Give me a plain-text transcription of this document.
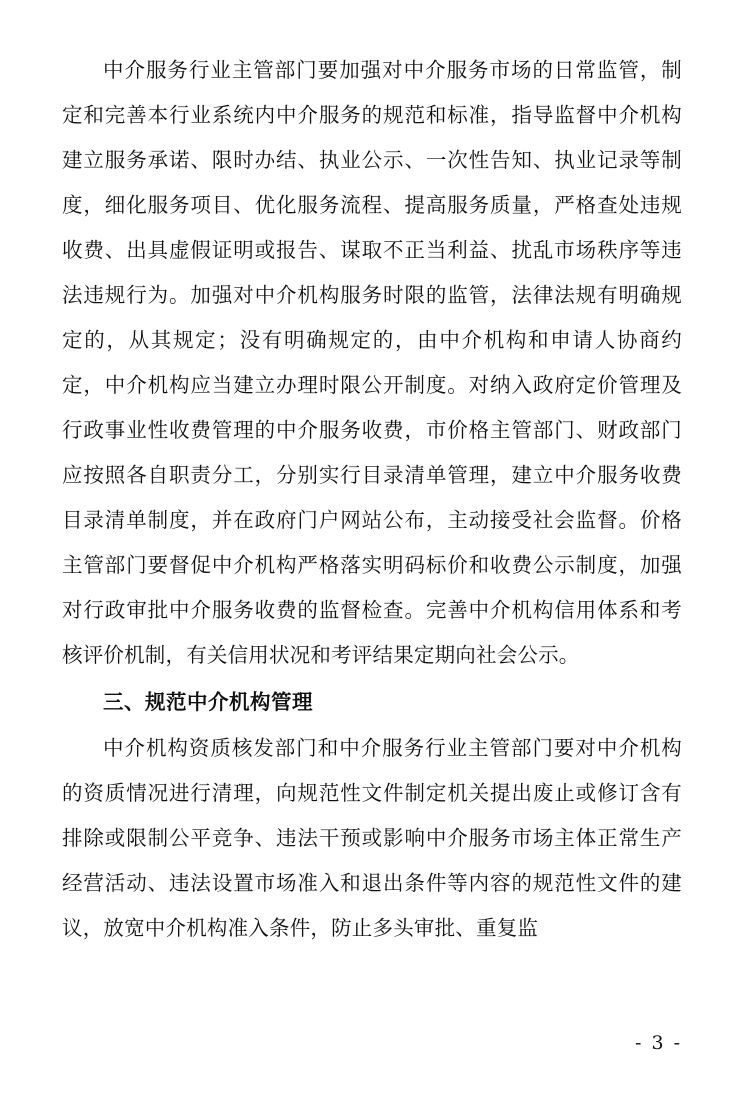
中介服务行业主管部门要加强对中介服务市场的日常监管，制定和完善本行业系统内中介服务的规范和标准，指导监督中介机构建立服务承诺、限时办结、执业公示、一次性告知、执业记录等制度，细化服务项目、优化服务流程、提高服务质量，严格查处违规收费、出具虚假证明或报告、谋取不正当利益、扰乱市场秩序等违法违规行为。加强对中介机构服务时限的监管，法律法规有明确规定的，从其规定；没有明确规定的，由中介机构和申请人协商约定，中介机构应当建立办理时限公开制度。对纳入政府定价管理及行政事业性收费管理的中介服务收费，市价格主管部门、财政部门应按照各自职责分工，分别实行目录清单管理，建立中介服务收费目录清单制度，并在政府门户网站公布，主动接受社会监督。价格主管部门要督促中介机构严格落实明码标价和收费公示制度，加强对行政审批中介服务收费的监督检查。完善中介机构信用体系和考核评价机制，有关信用状况和考评结果定期向社会公示。

三、规范中介机构管理

中介机构资质核发部门和中介服务行业主管部门要对中介机构的资质情况进行清理，向规范性文件制定机关提出废止或修订含有排除或限制公平竞争、违法干预或影响中介服务市场主体正常生产经营活动、违法设置市场准入和退出条件等内容的规范性文件的建议，放宽中介机构准入条件，防止多头审批、重复监

- 3 -
